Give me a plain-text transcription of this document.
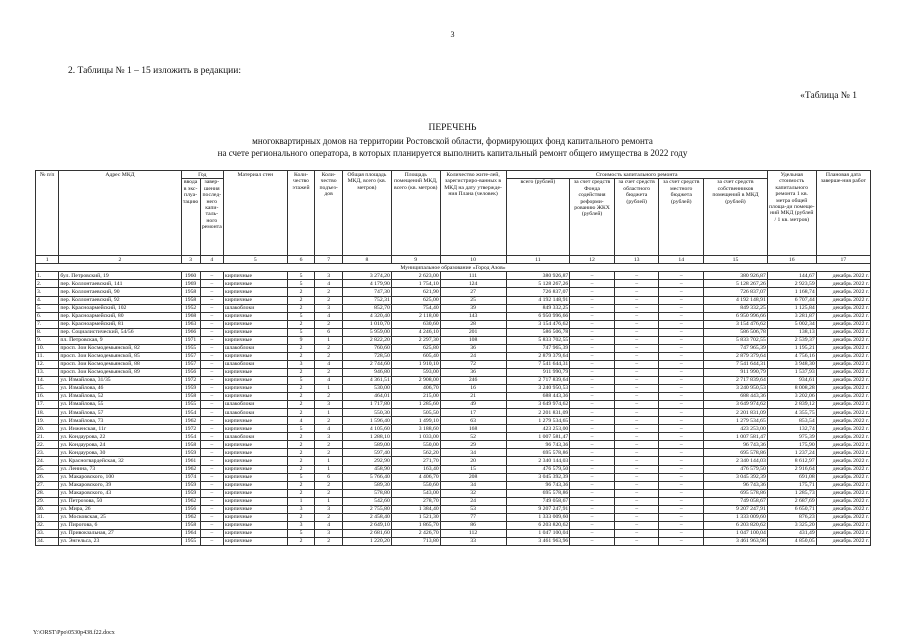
3
2. Таблицы № 1 – 15 изложить в редакции:
«Таблица № 1
ПЕРЕЧЕНЬ
многоквартирных домов на территории Ростовской области, формирующих фонд капитального ремонта
на счете регионального оператора, в которых планируется выполнить капитальный ремонт общего имущества в 2022 году
№ п/п	Адрес МКД	Год		Материал стен	Коли-чество этажей	Коли-чество подъез-дов	Общая площадь МКД, всего (кв. метров)	Площадь помещений МКД, всего (кв. метров)	Количество жите-лей, зарегистриро-ванных в МКД на дату утвержде-ния Плана (человек)	Стоимость капитального ремонта					Удельная стоимость капитального ремонта 1 кв. метра общей площа-ди помеще-ний МКД (рублей / 1 кв. метров)	Плановая дата заверше-ния работ
		ввода в экс-плуа-тацию	завер-шения послед-него капи-таль-ного ремонта							всего (рублей)	за счет средств Фонда содействия реформи-рованию ЖКХ (рублей)	за счет средств областного бюджета (рублей)	за счет средств местного бюджета (рублей)	за счет средств собственников помещений в МКД (рублей)		
1	2	3	4	5	6	7	8	9	10	11	12	13	14	15	16	17
Муниципальное образование «Город Азов»																
1.	бул. Петровский, 19	1960	–	кирпичные	5	3	3 274,20	2 623,00	111	380 926,87	–	–	–	380 926,87	144,67	декабрь 2022 г.
2.	пер. Коллонтаевский, 141	1969	–	кирпичные	5	4	4 179,90	1 754,10	124	5 128 267,26	–	–	–	5 128 267,26	2 923,59	декабрь 2022 г.
3.	пер. Коллонтаевский, 90	1958	–	кирпичные	2	2	747,30	621,90	27	726 837,07	–	–	–	726 837,07	1 168,74	декабрь 2022 г.
4.	пер. Коллонтаевский, 92	1958	–	кирпичные	2	2	752,31	625,00	25	4 192 148,91	–	–	–	4 192 148,91	6 707,44	декабрь 2022 г.
5.	пер. Красноармейский, 102	1952	–	шлакоблоки	2	3	852,70	754,40	39	849 332,25	–	–	–	849 332,25	1 125,84	декабрь 2022 г.
6.	пер. Красноармейский, 80	1968	–	кирпичные	5	4	4 320,40	2 118,00	143	6 950 996,66	–	–	–	6 950 996,66	3 281,87	декабрь 2022 г.
7.	пер. Красноармейский, 81	1963	–	кирпичные	2	2	1 010,70	630,60	28	3 154 476,62	–	–	–	3 154 476,62	5 002,34	декабрь 2022 г.
8.	пер. Социалистический, 54/56	1966	–	кирпичные	5	6	5 959,00	4 246,10	201	586 506,78	–	–	–	586 506,78	138,13	декабрь 2022 г.
9.	пл. Петровская, 9	1971	–	кирпичные	9	1	2 822,20	2 297,30	108	5 833 702,55	–	–	–	5 833 702,55	2 539,37	декабрь 2022 г.
10.	просп. Зои Космодемьянской, 82	1955	–	шлакоблоки	2	2	760,60	625,80	36	747 965,39	–	–	–	747 965,39	1 195,21	декабрь 2022 г.
11.	просп. Зои Космодемьянской, 85	1957	–	кирпичные	2	2	728,50	605,40	24	2 879 379,64	–	–	–	2 879 379,64	4 756,16	декабрь 2022 г.
12.	просп. Зои Космодемьянской, 88	1957	–	шлакоблоки	3	4	2 744,60	1 910,10	72	7 541 644,31	–	–	–	7 541 644,31	3 948,30	декабрь 2022 г.
13.	просп. Зои Космодемьянской, 89	1956	–	кирпичные	2	2	946,80	593,00	36	911 990,79	–	–	–	911 990,79	1 537,93	декабрь 2022 г.
14.	ул. Измайлова, 31/35	1972	–	кирпичные	5	4	4 361,51	2 908,00	246	2 717 839,64	–	–	–	2 717 839,64	934,61	декабрь 2022 г.
15.	ул. Измайлова, 46	1959	–	кирпичные	2	1	530,00	406,70	16	3 240 950,53	–	–	–	3 240 950,53	8 008,28	декабрь 2022 г.
16.	ул. Измайлова, 52	1958	–	кирпичные	2	2	464,01	215,00	21	688 443,36	–	–	–	688 443,36	3 202,06	декабрь 2022 г.
17.	ул. Измайлова, 55	1955	–	шлакоблоки	2	3	1 717,80	1 285,60	49	3 649 974,62	–	–	–	3 649 974,62	2 839,12	декабрь 2022 г.
18.	ул. Измайлова, 57	1954	–	шлакоблоки	2	1	550,30	505,50	17	2 201 831,09	–	–	–	2 201 831,09	4 355,75	декабрь 2022 г.
19.	ул. Измайлова, 73	1962	–	кирпичные	4	2	1 596,40	1 499,10	63	1 279 534,65	–	–	–	1 279 534,65	853,54	декабрь 2022 г.
20.	ул. Инженская, 11г	1972	–	кирпичные	5	4	4 105,60	3 188,60	168	423 253,00	–	–	–	423 253,00	132,74	декабрь 2022 г.
21.	ул. Кондаурова, 22	1954	–	шлакоблоки	2	3	1 288,10	1 033,00	52	1 007 581,47	–	–	–	1 007 581,47	975,39	декабрь 2022 г.
22.	ул. Кондаурова, 24	1958	–	кирпичные	2	2	589,00	550,00	29	96 743,36	–	–	–	96 743,36	175,90	декабрь 2022 г.
23.	ул. Кондаурова, 30	1959	–	кирпичные	2	2	597,40	562,20	34	695 578,86	–	–	–	695 578,86	1 237,24	декабрь 2022 г.
24.	ул. Красногвардейская, 32	1961	–	кирпичные	2	1	292,90	271,70	20	2 340 144,03	–	–	–	2 340 144,03	8 612,97	декабрь 2022 г.
25.	ул. Ленина, 73	1962	–	кирпичные	2	1	458,90	163,40	15	476 579,50	–	–	–	476 579,50	2 916,64	декабрь 2022 г.
26.	ул. Макаровского, 100	1974	–	кирпичные	5	6	5 766,40	4 406,70	208	3 045 392,39	–	–	–	3 045 392,39	691,08	декабрь 2022 г.
27.	ул. Макаровского, 39	1959	–	кирпичные	2	2	589,30	550,60	34	96 743,36	–	–	–	96 743,36	175,71	декабрь 2022 г.
28.	ул. Макаровского, 43	1959	–	кирпичные	2	2	578,80	543,00	32	695 578,86	–	–	–	695 578,86	1 285,73	декабрь 2022 г.
29.	ул. Петрозова, 50	1962	–	кирпичные	1	1	542,60	278,70	24	749 058,67	–	–	–	749 058,67	2 687,69	декабрь 2022 г.
30.	ул. Мира, 26	1956	–	кирпичные	3	3	2 755,80	1 384,40	53	9 207 247,91	–	–	–	9 207 247,91	6 650,71	декабрь 2022 г.
31.	ул. Московская, 25	1962	–	кирпичные	2	2	2 458,40	1 521,30	77	1 333 009,60	–	–	–	1 333 009,60	876,23	декабрь 2022 г.
32.	ул. Пирогова, 6	1958	–	кирпичные	3	4	2 649,10	1 865,70	86	6 203 820,62	–	–	–	6 203 820,62	3 325,20	декабрь 2022 г.
33.	ул. Привокзальная, 27	1964	–	кирпичные	5	3	2 681,60	2 426,70	112	1 047 100,04	–	–	–	1 047 100,04	431,49	декабрь 2022 г.
34.	ул. Энгельса, 23	1955	–	кирпичные	2	2	1 220,20	713,80	33	3 461 963,96	–	–	–	3 461 963,96	4 850,05	декабрь 2022 г.
Y:\ORST\Ppo\0530p438.f22.docx
